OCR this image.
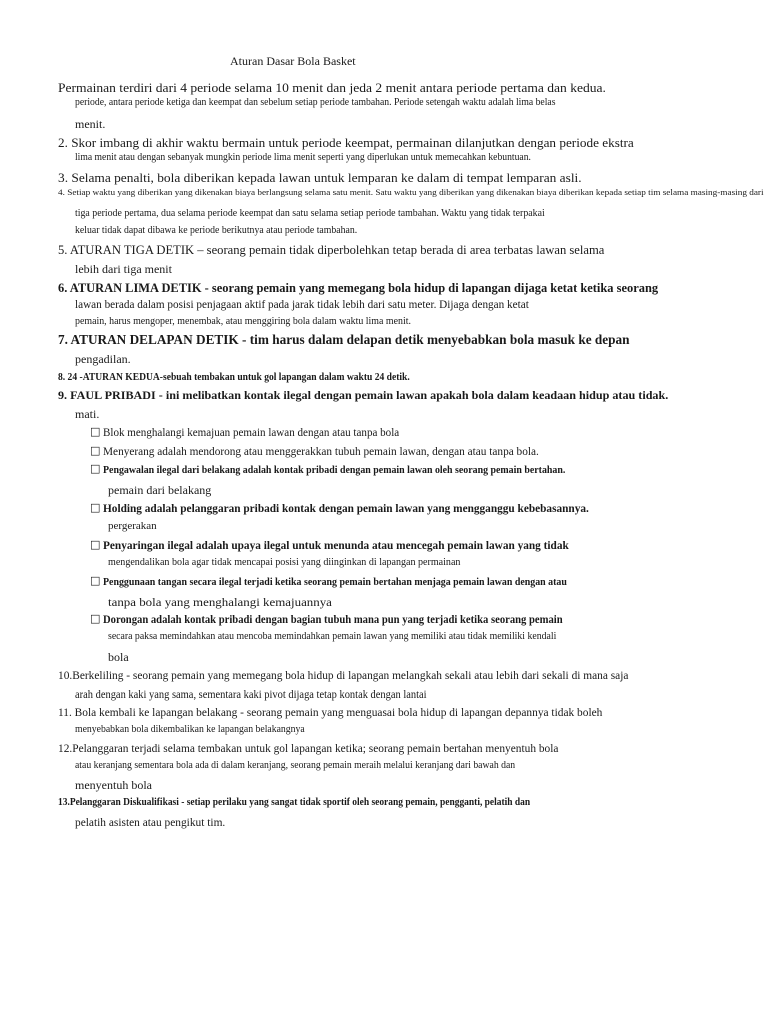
Aturan Dasar Bola Basket
Permainan terdiri dari 4 periode selama 10 menit dan jeda 2 menit antara periode pertama dan kedua.
periode, antara periode ketiga dan keempat dan sebelum setiap periode tambahan. Periode setengah waktu adalah lima belas
menit.
2. Skor imbang di akhir waktu bermain untuk periode keempat, permainan dilanjutkan dengan periode ekstra
lima menit atau dengan sebanyak mungkin periode lima menit seperti yang diperlukan untuk memecahkan kebuntuan.
3. Selama penalti, bola diberikan kepada lawan untuk lemparan ke dalam di tempat lemparan asli.
4. Setiap waktu yang diberikan yang dikenakan biaya berlangsung selama satu menit. Satu waktu yang diberikan yang dikenakan biaya diberikan kepada setiap tim selama masing-masing dari
tiga periode pertama, dua selama periode keempat dan satu selama setiap periode tambahan. Waktu yang tidak terpakai
keluar tidak dapat dibawa ke periode berikutnya atau periode tambahan.
5. ATURAN TIGA DETIK – seorang pemain tidak diperbolehkan tetap berada di area terbatas lawan selama
lebih dari tiga menit
6. ATURAN LIMA DETIK - seorang pemain yang memegang bola hidup di lapangan dijaga ketat ketika seorang
lawan berada dalam posisi penjagaan aktif pada jarak tidak lebih dari satu meter. Dijaga dengan ketat
pemain, harus mengoper, menembak, atau menggiring bola dalam waktu lima menit.
7. ATURAN DELAPAN DETIK - tim harus dalam delapan detik menyebabkan bola masuk ke depan
pengadilan.
8. 24 -ATURAN KEDUA-sebuah tembakan untuk gol lapangan dalam waktu 24 detik.
9. FAUL PRIBADI - ini melibatkan kontak ilegal dengan pemain lawan apakah bola dalam keadaan hidup atau tidak.
mati.
□ Blok menghalangi kemajuan pemain lawan dengan atau tanpa bola
□ Menyerang adalah mendorong atau menggerakkan tubuh pemain lawan, dengan atau tanpa bola.
□ Pengawalan ilegal dari belakang adalah kontak pribadi dengan pemain lawan oleh seorang pemain bertahan.
pemain dari belakang
□ Holding adalah pelanggaran pribadi kontak dengan pemain lawan yang mengganggu kebebasannya.
pergerakan
□ Penyaringan ilegal adalah upaya ilegal untuk menunda atau mencegah pemain lawan yang tidak
mengendalikan bola agar tidak mencapai posisi yang diinginkan di lapangan permainan
□ Penggunaan tangan secara ilegal terjadi ketika seorang pemain bertahan menjaga pemain lawan dengan atau
tanpa bola yang menghalangi kemajuannya
□ Dorongan adalah kontak pribadi dengan bagian tubuh mana pun yang terjadi ketika seorang pemain
secara paksa memindahkan atau mencoba memindahkan pemain lawan yang memiliki atau tidak memiliki kendali
bola
10.Berkeliling - seorang pemain yang memegang bola hidup di lapangan melangkah sekali atau lebih dari sekali di mana saja
arah dengan kaki yang sama, sementara kaki pivot dijaga tetap kontak dengan lantai
11. Bola kembali ke lapangan belakang - seorang pemain yang menguasai bola hidup di lapangan depannya tidak boleh
menyebabkan bola dikembalikan ke lapangan belakangnya
12.Pelanggaran terjadi selama tembakan untuk gol lapangan ketika; seorang pemain bertahan menyentuh bola
atau keranjang sementara bola ada di dalam keranjang, seorang pemain meraih melalui keranjang dari bawah dan
menyentuh bola
13.Pelanggaran Diskualifikasi - setiap perilaku yang sangat tidak sportif oleh seorang pemain, pengganti, pelatih dan
pelatih asisten atau pengikut tim.
